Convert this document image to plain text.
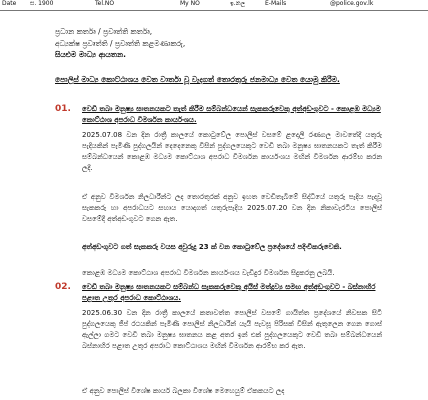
Date ස. 1900	Tel.NO	My NO	E-Mails
ඉ.නල	@police.gov.lk
ප්‍රධාන කර්තෘ / ප්‍රවෘත්ති කර්තෘ,
අධ්‍යක්ෂ ප්‍රවෘත්ති / ප්‍රවෘත්ති කළමණාකරු,
සියළුම මාධ්‍ය ආයතන.
පොලිස් මාධ්‍ය කොට්ඨාශය වෙත වාර්තා වූ වැදගත් තොරතුරු ජනමාධ්‍ය වෙත යොමු කිරීම.
01. වෙඩි තබා මනුෂ්‍ය ඝාතනයකට තැත් කිරීම සම්බන්ධයෙන් සැකකරුවෙකු අත්අඩංගුවට - කොළඹ මධ්‍යම කොට්ඨාශ අපරාධ විමර්ශන කාර්යංශය.
2025.07.08 වන දින රාත්‍රී කාලයේ කොටුවේල පොලිස් වසමේ ළදෙලි රණගල මාවතේදී යතුරු පැදියකින් පැමිණි පුද්ගලයින් දෙදෙනෙකු විසින් පුද්ගලයෙකුට වෙඩි තබා මනුෂ්‍ය ඝාතනයකට තැත් කිරීම සම්බන්ධයෙන් කොළඹ මධ්‍යම කොට්ඨාශ අපරාධ විමර්ශන කාර්යංශය මඟින් විමර්ශන ආරම්භ කරන ලදී.
ඒ අනුව විමර්ශන නිලධාරීන්ට ලද තොරතුරක් අනුව ඉහත වෙඩිතැබීමේ සිද්ධියේ යතුරු පැදිය පැදවූ සැකකරු හා අපරාධයට සහාය යොදාගත් යතුරුපැදිය 2025.07.20 වන දින නිකාවැරටිය පොලිස් වසමේදී අත්අඩංගුවට ගෙන ඇත.
අත්අඩංගුවට ගත් සැකකරු වයස අවුරුදු 23 ක් වන කොටුවේල ප්‍රදේශයේ පදිංචිකරුවෙකි.
කොළඹ මධ්‍යම කොට්ඨාශ අපරාධ විමර්ශන කාර්යංශය වැඩිදුර විමර්ශන සිදුකරනු ලබයි.
02. වෙඩි තබා මනුෂ්‍ය ඝාතනයකට සම්බන්ධ සැකකරුවෙකු අයිස් මත්ද්‍රව්‍ය සමඟ අත්අඩංගුවට - බස්නාහිර පළාත උතුර අපරාධ කොට්ඨාශය.
2025.06.30 වන දින රාත්‍රී කාලයේ කතාවත්ත පොලිස් වසමේ ගායිත්ත ප්‍රදේශයේ නිවසක සිටි පුද්ගලයෙකු ජීප් රථයකින් පැමිණි පොලිස් නිලධාරීන් යැයි පැවසූ පිරිසක් විසින් ඇතුලෙන ගෙන ගොස් ඇල්ලා ගමට වෙඩි තබා මනුෂ්‍ය ඝාතනය කළ අතර ඉන් එක් පුද්ගලයෙකුට වෙඩි තබා සම්බන්ධයෙන් බස්නාහිර පළාත උතුර අපරාධ කොට්ඨාශය මඟින් විමර්ශන ආරම්භ කර ඇත.
ඒ අනුව පොලිස් විශේෂ කාර්ය බලකා විශේෂ මෙහෙයුම් ඒකකයට ලද
